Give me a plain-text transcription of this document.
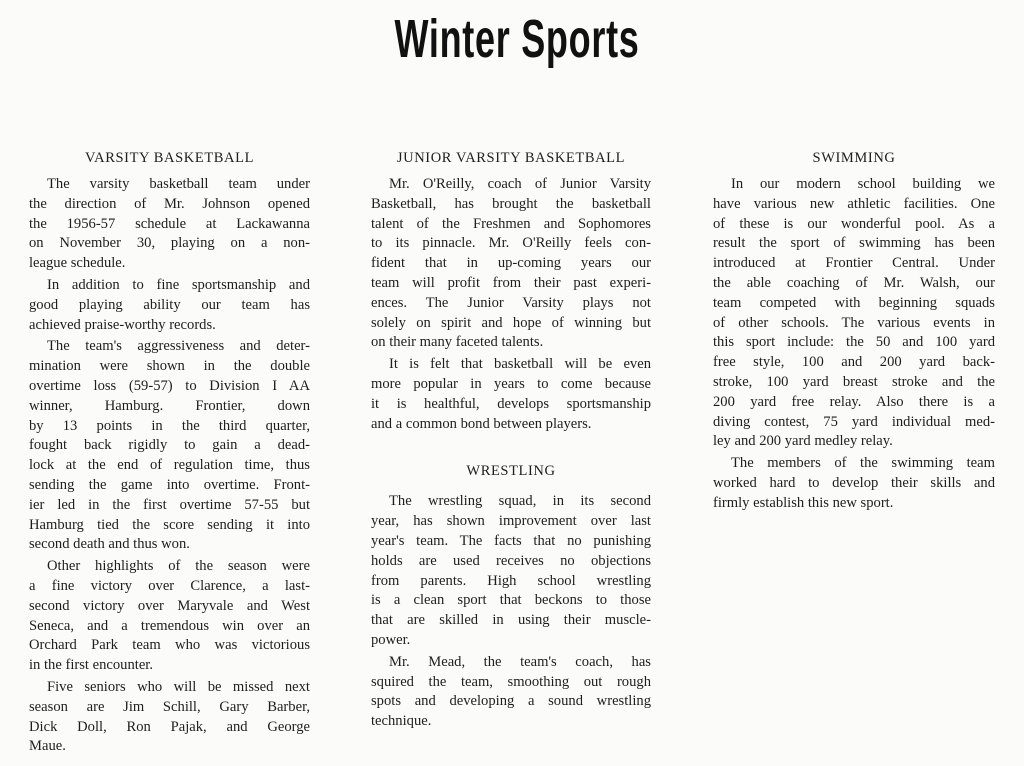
Winter Sports
VARSITY BASKETBALL
The varsity basketball team under
the direction of Mr. Johnson opened
the 1956-57 schedule at Lackawanna
on November 30, playing on a non-
league schedule.
In addition to fine sportsmanship and
good playing ability our team has
achieved praise-worthy records.
The team's aggressiveness and deter-
mination were shown in the double
overtime loss (59-57) to Division I AA
winner, Hamburg. Frontier, down
by 13 points in the third quarter,
fought back rigidly to gain a dead-
lock at the end of regulation time, thus
sending the game into overtime. Front-
ier led in the first overtime 57-55 but
Hamburg tied the score sending it into
second death and thus won.
Other highlights of the season were
a fine victory over Clarence, a last-
second victory over Maryvale and West
Seneca, and a tremendous win over an
Orchard Park team who was victorious
in the first encounter.
Five seniors who will be missed next
season are Jim Schill, Gary Barber,
Dick Doll, Ron Pajak, and George
Maue.
JUNIOR VARSITY BASKETBALL
Mr. O'Reilly, coach of Junior Varsity
Basketball, has brought the basketball
talent of the Freshmen and Sophomores
to its pinnacle. Mr. O'Reilly feels con-
fident that in up-coming years our
team will profit from their past experi-
ences. The Junior Varsity plays not
solely on spirit and hope of winning but
on their many faceted talents.
It is felt that basketball will be even
more popular in years to come because
it is healthful, develops sportsmanship
and a common bond between players.
WRESTLING
The wrestling squad, in its second
year, has shown improvement over last
year's team. The facts that no punishing
holds are used receives no objections
from parents. High school wrestling
is a clean sport that beckons to those
that are skilled in using their muscle-
power.
Mr. Mead, the team's coach, has
squired the team, smoothing out rough
spots and developing a sound wrestling
technique.
SWIMMING
In our modern school building we
have various new athletic facilities. One
of these is our wonderful pool. As a
result the sport of swimming has been
introduced at Frontier Central. Under
the able coaching of Mr. Walsh, our
team competed with beginning squads
of other schools. The various events in
this sport include: the 50 and 100 yard
free style, 100 and 200 yard back-
stroke, 100 yard breast stroke and the
200 yard free relay. Also there is a
diving contest, 75 yard individual med-
ley and 200 yard medley relay.
The members of the swimming team
worked hard to develop their skills and
firmly establish this new sport.
